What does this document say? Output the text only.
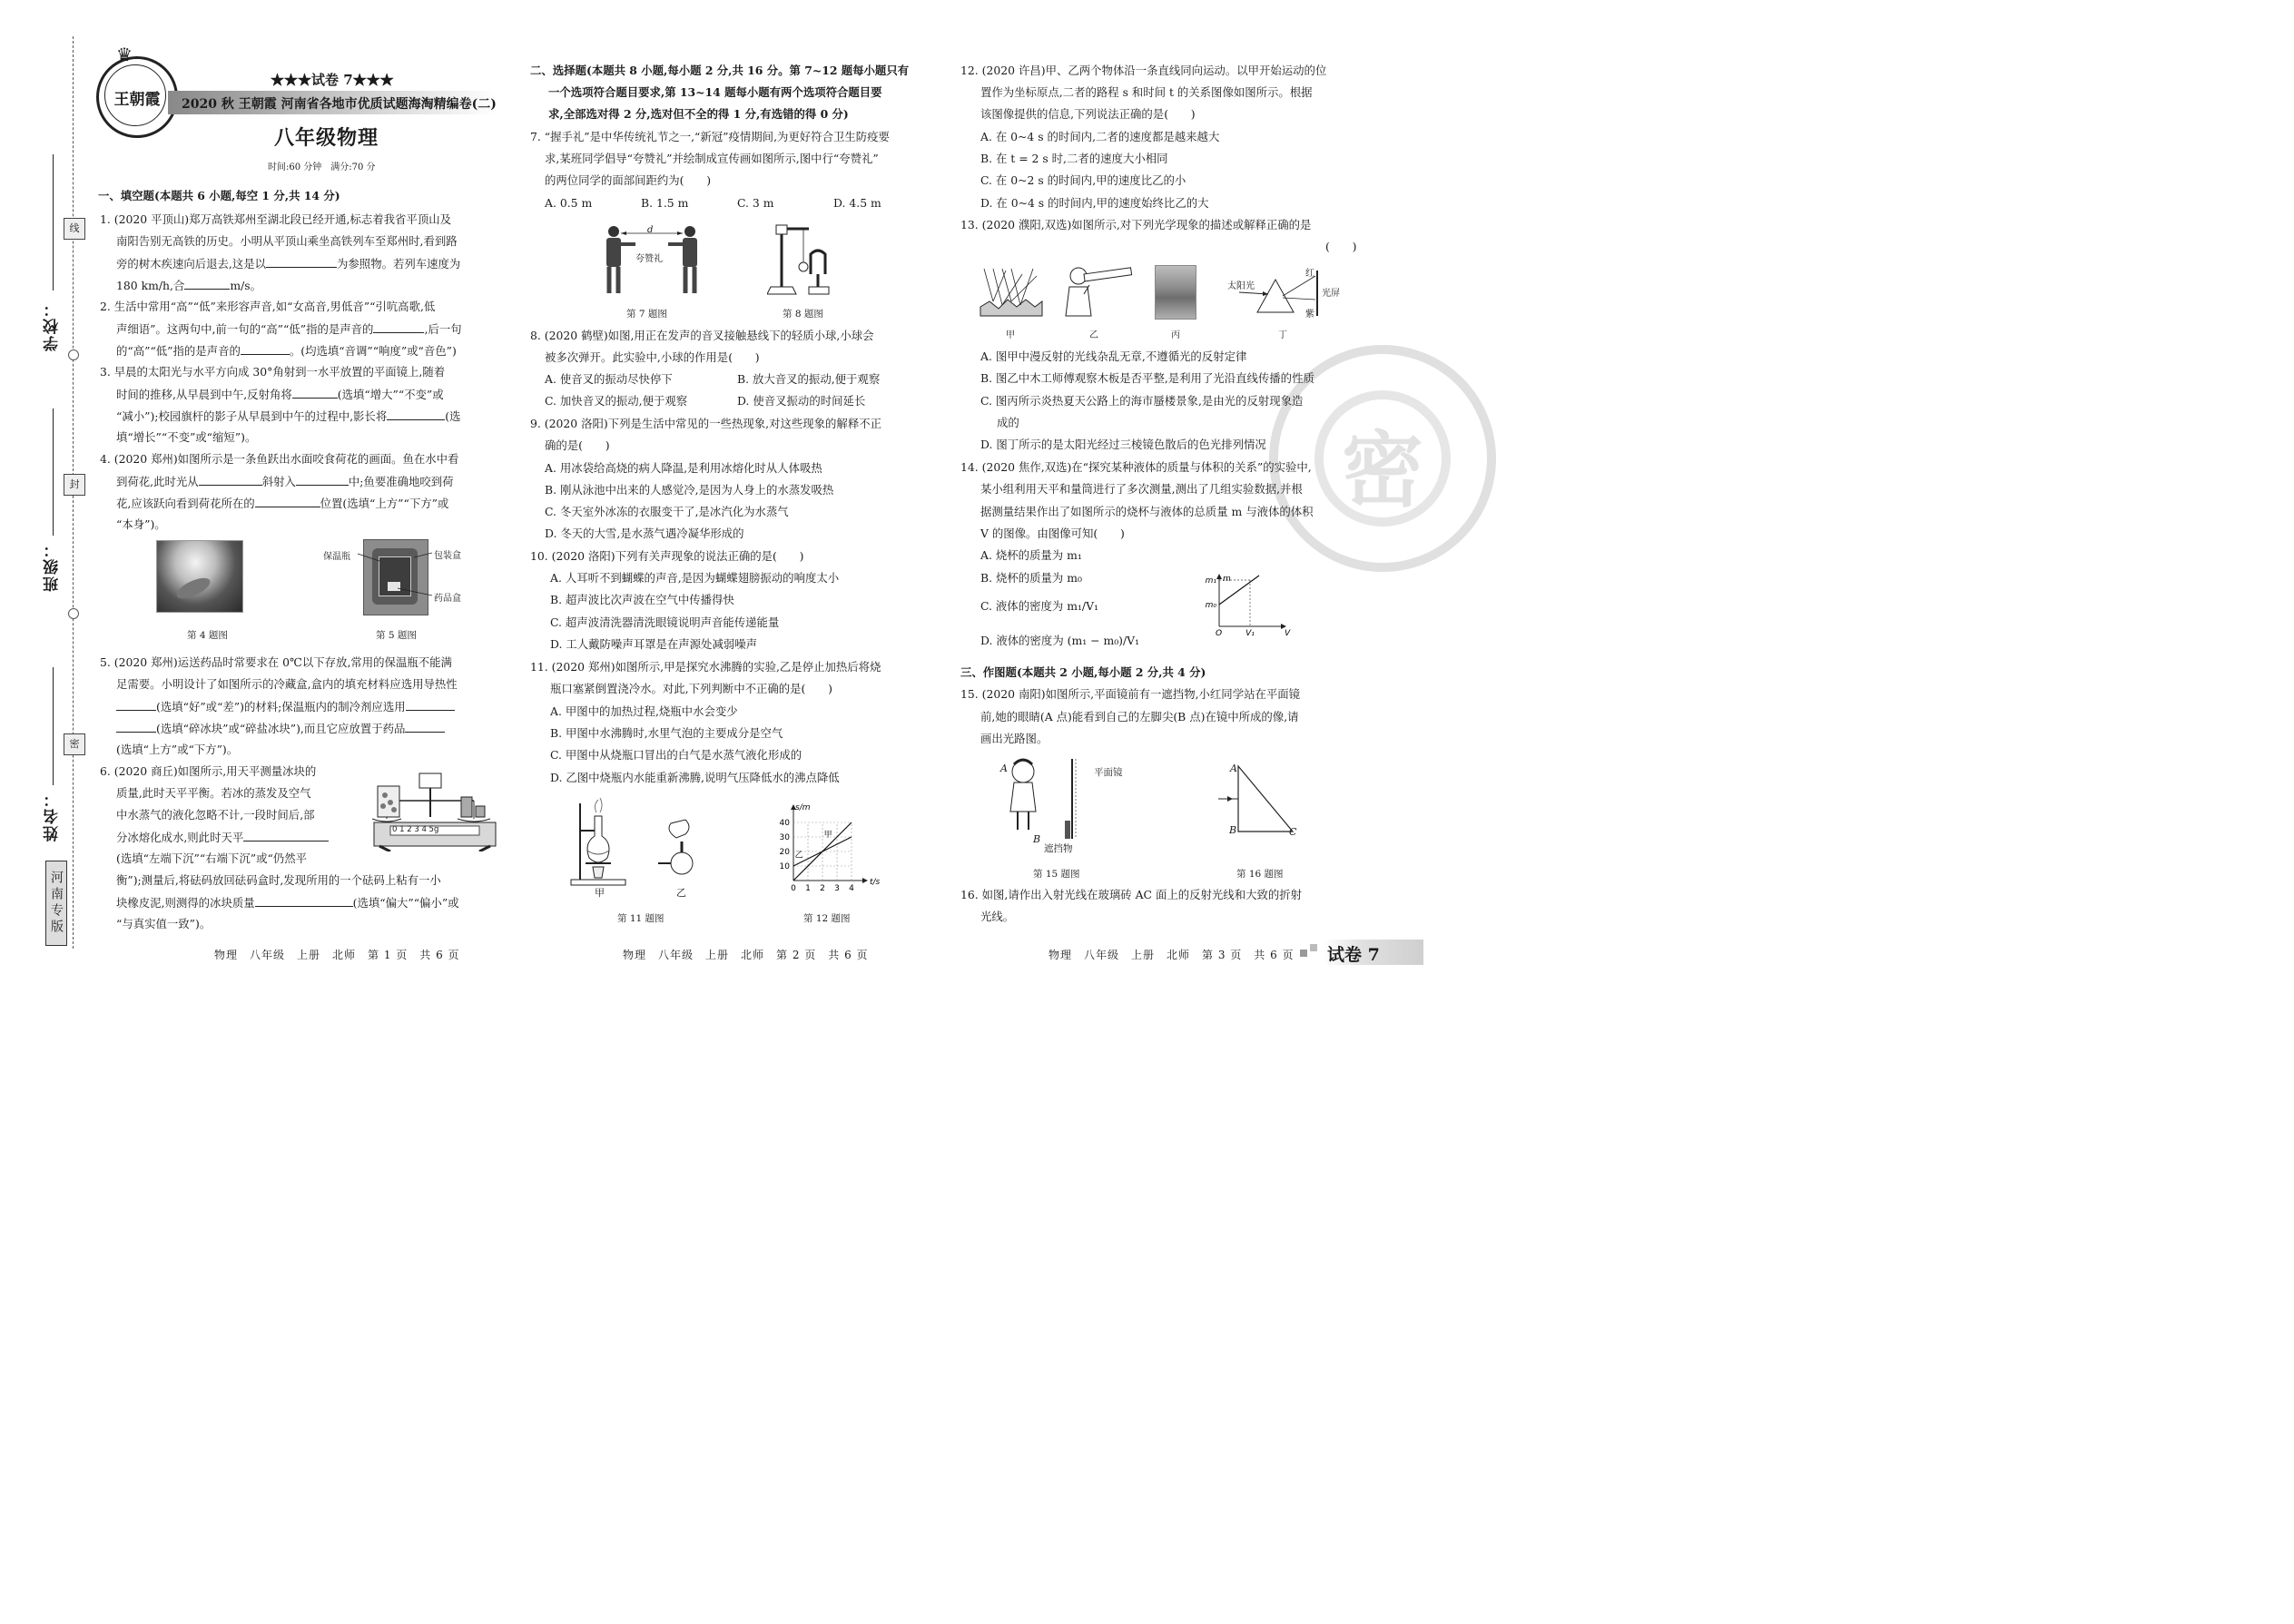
线
封
密
学校：
班级：
姓名：
河南专版
王朝霞
♛
★★★试卷 7★★★
2020 秋 王朝霞 河南省各地市优质试题海淘精编卷(二)
八年级物理
时间:60 分钟　满分:70 分
一、填空题(本题共 6 小题,每空 1 分,共 14 分)
1. (2020 平顶山)郑万高铁郑州至湖北段已经开通,标志着我省平顶山及
南阳告别无高铁的历史。小明从平顶山乘坐高铁列车至郑州时,看到路
旁的树木疾速向后退去,这是以	为参照物。若列车速度为
180 km/h,合	m/s。
2. 生活中常用“高”“低”来形容声音,如“女高音,男低音”“引吭高歌,低
声细语”。这两句中,前一句的“高”“低”指的是声音的	,后一句
的“高”“低”指的是声音的	。(均选填“音调”“响度”或“音色”)
3. 早晨的太阳光与水平方向成 30°角射到一水平放置的平面镜上,随着
时间的推移,从早晨到中午,反射角将	(选填“增大”“不变”或
“减小”);校园旗杆的影子从早晨到中午的过程中,影长将	(选
填“增长”“不变”或“缩短”)。
4. (2020 郑州)如图所示是一条鱼跃出水面咬食荷花的画面。鱼在水中看
到荷花,此时光从	斜射入	中;鱼要准确地咬到荷
花,应该跃向看到荷花所在的	位置(选填“上方”“下方”或
“本身”)。
第 4 题图
保温瓶	包装盒
药品盒
第 5 题图
5. (2020 郑州)运送药品时常要求在 0℃以下存放,常用的保温瓶不能满
足需要。小明设计了如图所示的冷藏盒,盒内的填充材料应选用导热性
(选填“好”或“差”)的材料;保温瓶内的制冷剂应选用
(选填“碎冰块”或“碎盐冰块”),而且它应放置于药品
(选填“上方”或“下方”)。
6. (2020 商丘)如图所示,用天平测量冰块的
质量,此时天平平衡。若冰的蒸发及空气
中水蒸气的液化忽略不计,一段时间后,部
分冰熔化成水,则此时天平
(选填“左端下沉”“右端下沉”或“仍然平
衡”);测量后,将砝码放回砝码盒时,发现所用的一个砝码上粘有一小
块橡皮泥,则测得的冰块质量	(选填“偏大”“偏小”或
“与真实值一致”)。
0 1 2 3 4 5g
物理　八年级　上册　北师　第 1 页　共 6 页
二、选择题(本题共 8 小题,每小题 2 分,共 16 分。第 7~12 题每小题只有
一个选项符合题目要求,第 13~14 题每小题有两个选项符合题目要
求,全部选对得 2 分,选对但不全的得 1 分,有选错的得 0 分)
7. “握手礼”是中华传统礼节之一,“新冠”疫情期间,为更好符合卫生防疫要
求,某班同学倡导“夸赞礼”并绘制成宣传画如图所示,图中行“夸赞礼”
的两位同学的面部间距约为(　　)
A. 0.5 m	B. 1.5 m	C. 3 m	D. 4.5 m
d
夸赞礼
第 7 题图	第 8 题图
8. (2020 鹤壁)如图,用正在发声的音叉接触悬线下的轻质小球,小球会
被多次弹开。此实验中,小球的作用是(　　)
A. 使音叉的振动尽快停下	B. 放大音叉的振动,便于观察
C. 加快音叉的振动,便于观察	D. 使音叉振动的时间延长
9. (2020 洛阳)下列是生活中常见的一些热现象,对这些现象的解释不正
确的是(　　)
A. 用冰袋给高烧的病人降温,是利用冰熔化时从人体吸热
B. 刚从泳池中出来的人感觉冷,是因为人身上的水蒸发吸热
C. 冬天室外冰冻的衣服变干了,是冰汽化为水蒸气
D. 冬天的大雪,是水蒸气遇冷凝华形成的
10. (2020 洛阳)下列有关声现象的说法正确的是(　　)
A. 人耳听不到蝴蝶的声音,是因为蝴蝶翅膀振动的响度太小
B. 超声波比次声波在空气中传播得快
C. 超声波清洗器清洗眼镜说明声音能传递能量
D. 工人戴防噪声耳罩是在声源处减弱噪声
11. (2020 郑州)如图所示,甲是探究水沸腾的实验,乙是停止加热后将烧
瓶口塞紧倒置浇冷水。对此,下列判断中不正确的是(　　)
A. 甲图中的加热过程,烧瓶中水会变少
B. 甲图中水沸腾时,水里气泡的主要成分是空气
C. 甲图中从烧瓶口冒出的白气是水蒸气液化形成的
D. 乙图中烧瓶内水能重新沸腾,说明气压降低水的沸点降低
甲	乙
第 11 题图
10
20
30
40
0 1 2 3 4
s/m
t/s
甲
乙
第 12 题图
物理　八年级　上册　北师　第 2 页　共 6 页
密
12. (2020 许昌)甲、乙两个物体沿一条直线同向运动。以甲开始运动的位
置作为坐标原点,二者的路程 s 和时间 t 的关系图像如图所示。根据
该图像提供的信息,下列说法正确的是(　　)
A. 在 0~4 s 的时间内,二者的速度都是越来越大
B. 在 t = 2 s 时,二者的速度大小相同
C. 在 0~2 s 的时间内,甲的速度比乙的小
D. 在 0~4 s 的时间内,甲的速度始终比乙的大
13. (2020 濮阳,双选)如图所示,对下列光学现象的描述或解释正确的是
(　　)
太阳光
红
紫
光屏
甲	乙	丙	丁
A. 图甲中漫反射的光线杂乱无章,不遵循光的反射定律
B. 图乙中木工师傅观察木板是否平整,是利用了光沿直线传播的性质
C. 图丙所示炎热夏天公路上的海市蜃楼景象,是由光的反射现象造
成的
D. 图丁所示的是太阳光经过三棱镜色散后的色光排列情况
14. (2020 焦作,双选)在“探究某种液体的质量与体积的关系”的实验中,
某小组利用天平和量筒进行了多次测量,测出了几组实验数据,并根
据测量结果作出了如图所示的烧杯与液体的总质量 m 与液体的体积
V 的图像。由图像可知(　　)
A. 烧杯的质量为 m₁
B. 烧杯的质量为 m₀
C. 液体的密度为 m₁/V₁
D. 液体的密度为 (m₁ − m₀)/V₁
m₀
m₁
O	V₁
m
V
三、作图题(本题共 2 小题,每小题 2 分,共 4 分)
15. (2020 南阳)如图所示,平面镜前有一遮挡物,小红同学站在平面镜
前,她的眼睛(A 点)能看到自己的左脚尖(B 点)在镜中所成的像,请
画出光路图。
平面镜
A
B
遮挡物
第 15 题图
A
B	C
第 16 题图
16. 如图,请作出入射光线在玻璃砖 AC 面上的反射光线和大致的折射
光线。
物理　八年级　上册　北师　第 3 页　共 6 页 试卷 7
